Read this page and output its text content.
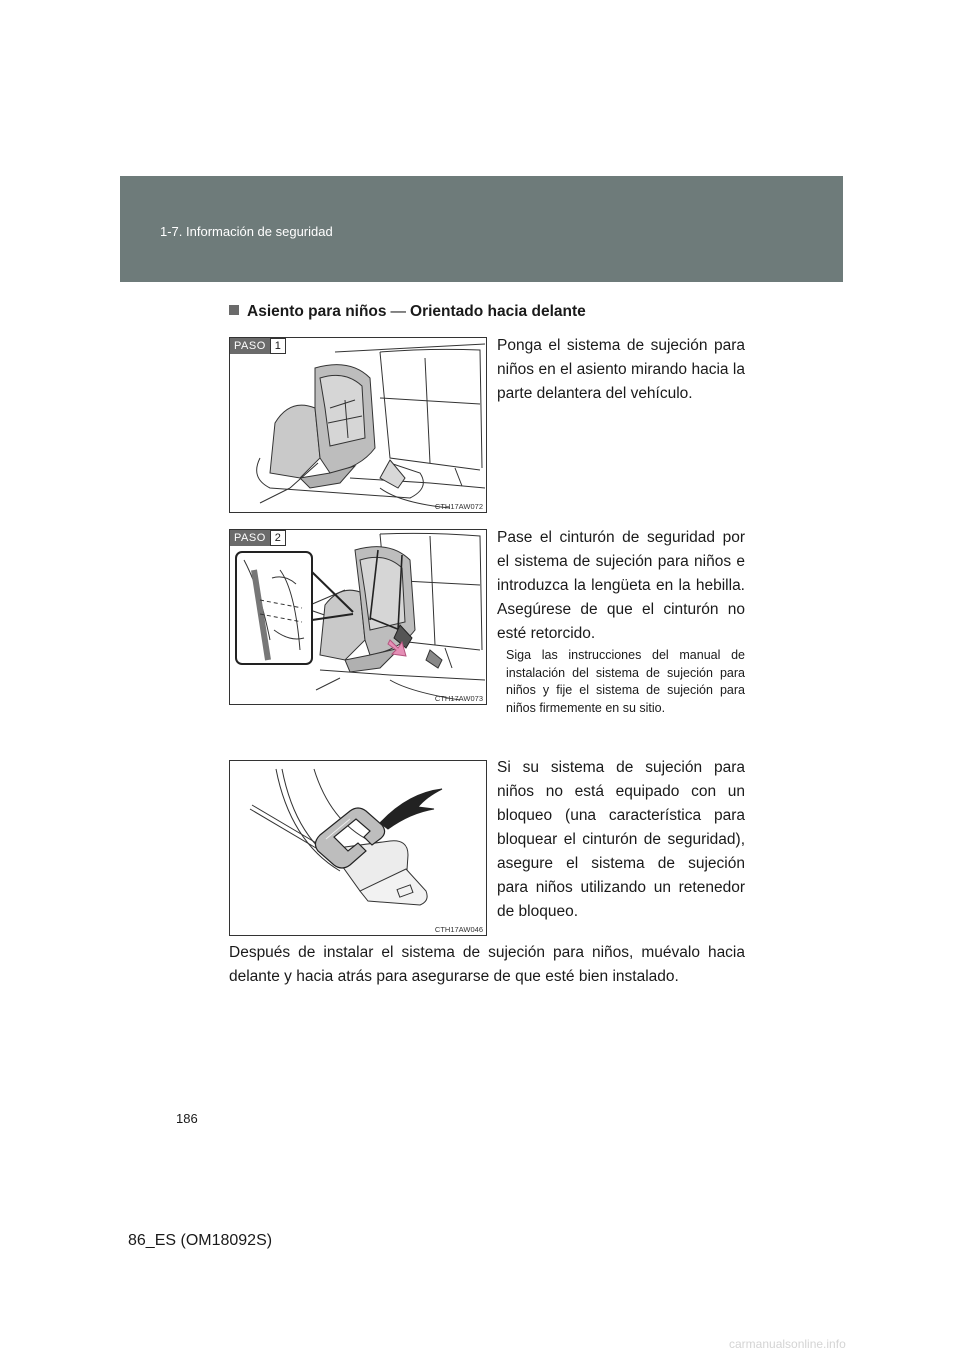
1-7. Información de seguridad
Asiento para niños — Orientado hacia delante
PASO 1
CTH17AW072
Ponga el sistema de sujeción para niños en el asiento mirando hacia la parte delantera del vehículo.
PASO 2
CTH17AW073
Pase el cinturón de seguridad por el sistema de sujeción para niños e introduzca la lengüeta en la hebilla. Asegúrese de que el cinturón no esté retorcido.
Siga las instrucciones del manual de instalación del sistema de sujeción para niños y fije el sistema de sujeción para niños firmemente en su sitio.
CTH17AW046
Si su sistema de sujeción para niños no está equipado con un bloqueo (una característica para bloquear el cinturón de seguridad), asegure el sistema de sujeción para niños utilizando un retenedor de bloqueo.
Después de instalar el sistema de sujeción para niños, muévalo hacia delante y hacia atrás para asegurarse de que esté bien instalado.
186
86_ES (OM18092S)
carmanualsonline.info
